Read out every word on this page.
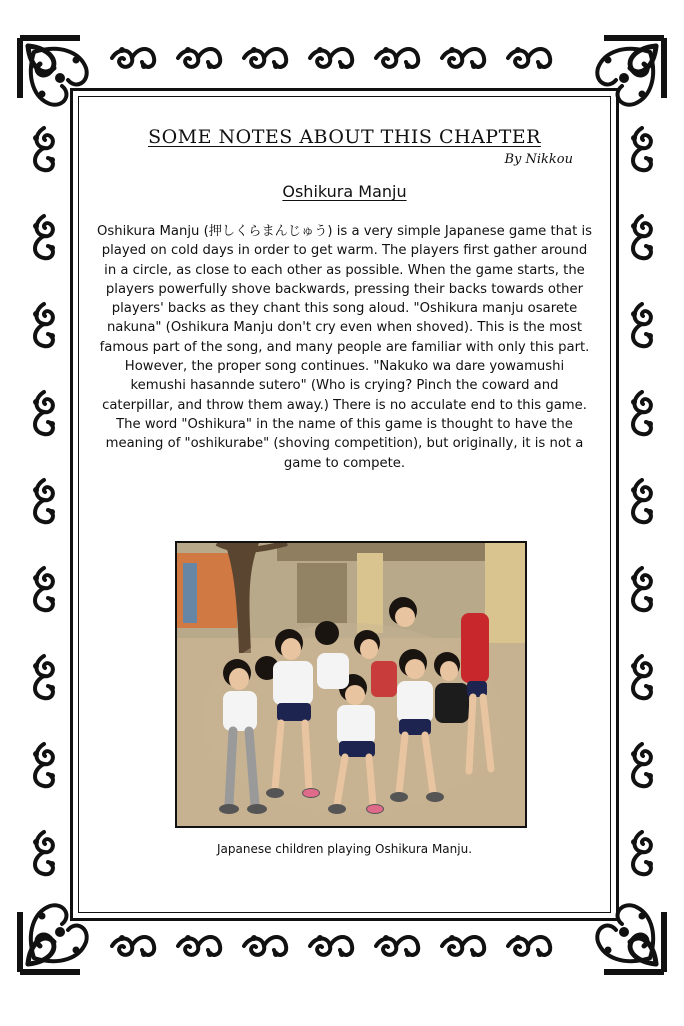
SOME NOTES ABOUT THIS CHAPTER
By Nikkou
Oshikura Manju
Oshikura Manju (押しくらまんじゅう) is a very simple Japanese game that is played on cold days in order to get warm. The players first gather around in a circle, as close to each other as possible. When the game starts, the players powerfully shove backwards, pressing their backs towards other players' backs as they chant this song aloud. "Oshikura manju osarete nakuna" (Oshikura Manju don't cry even when shoved). This is the most famous part of the song, and many people are familiar with only this part. However, the proper song continues. "Nakuko wa dare yowamushi kemushi hasannde sutero" (Who is crying? Pinch the coward and caterpillar, and throw them away.) There is no acculate end to this game. The word "Oshikura" in the name of this game is thought to have the meaning of "oshikurabe" (shoving competition), but originally, it is not a game to compete.
Japanese children playing Oshikura Manju.
